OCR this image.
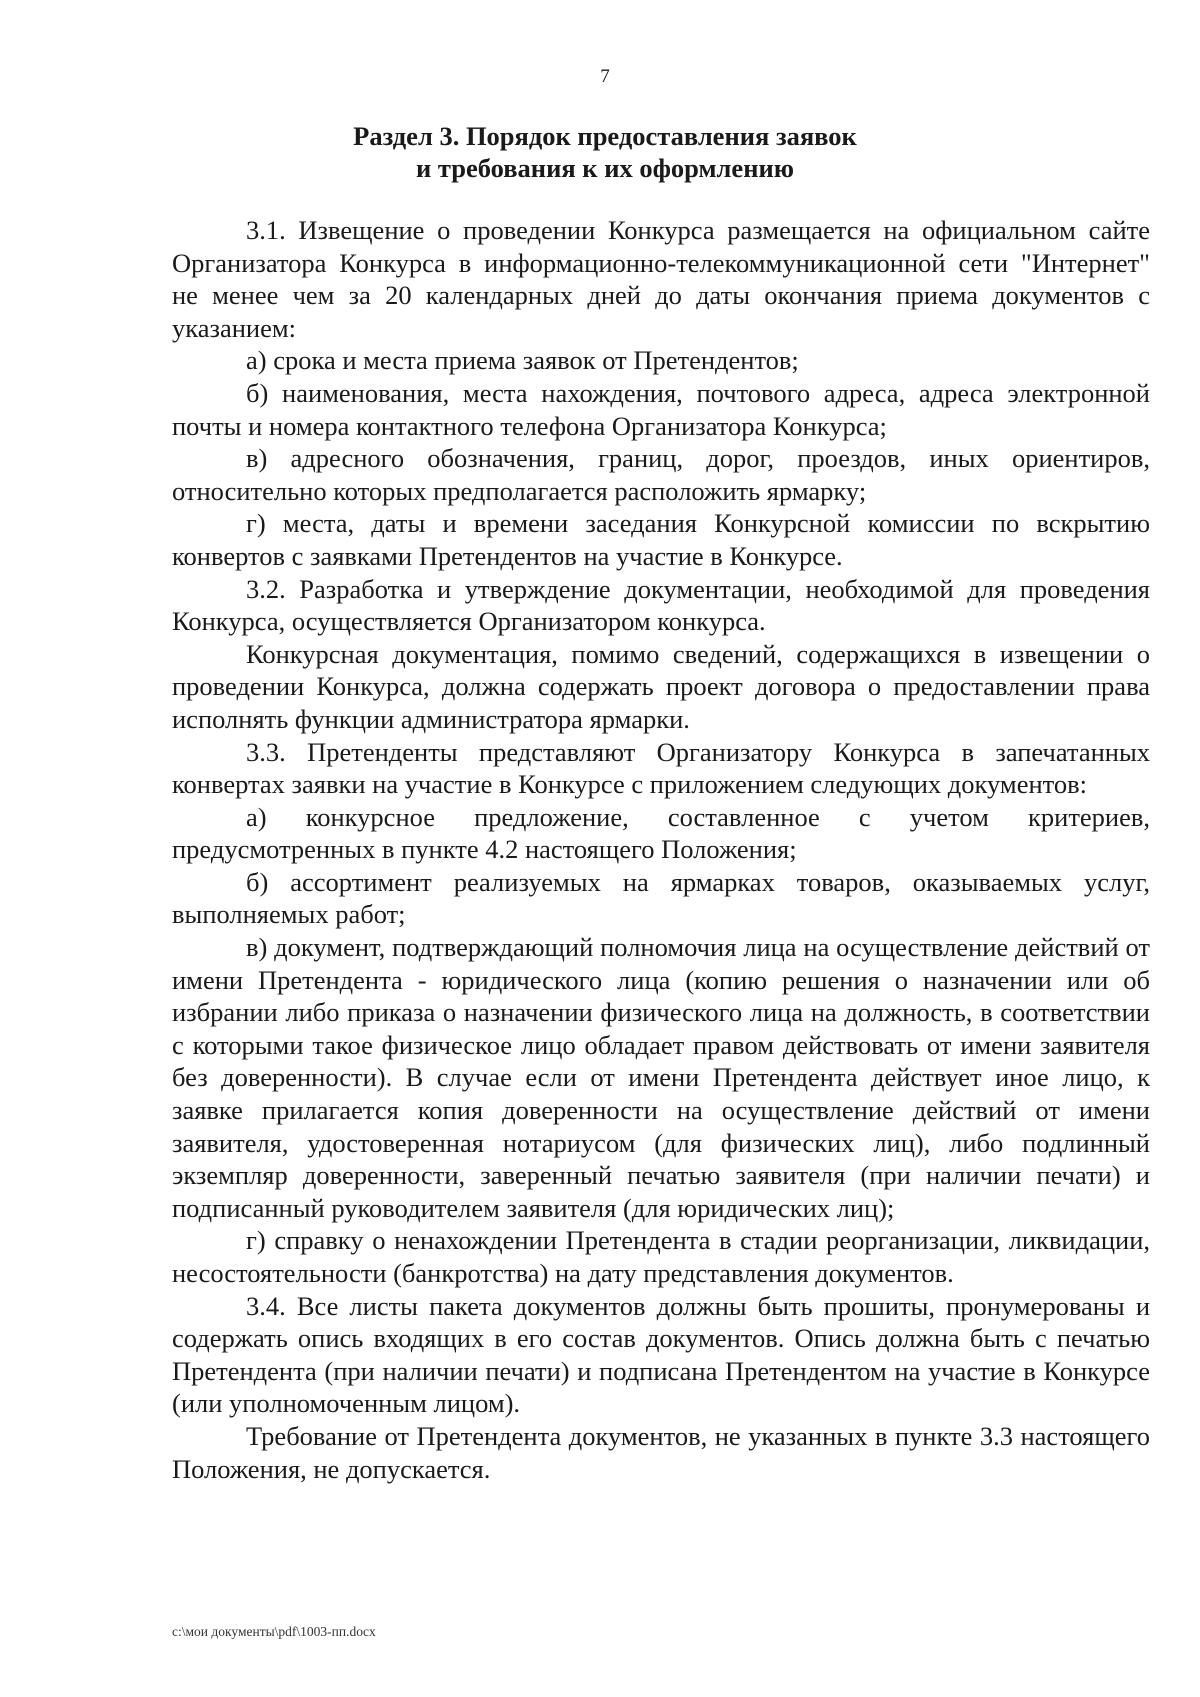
7
Раздел 3. Порядок предоставления заявок
и требования к их оформлению

3.1. Извещение о проведении Конкурса размещается на официальном сайте Организатора Конкурса в информационно-телекоммуникационной сети "Интернет" не менее чем за 20 календарных дней до даты окончания приема документов с указанием:

а) срока и места приема заявок от Претендентов;

б) наименования, места нахождения, почтового адреса, адреса электронной почты и номера контактного телефона Организатора Конкурса;

в) адресного обозначения, границ, дорог, проездов, иных ориентиров, относительно которых предполагается расположить ярмарку;

г) места, даты и времени заседания Конкурсной комиссии по вскрытию конвертов с заявками Претендентов на участие в Конкурсе.

3.2. Разработка и утверждение документации, необходимой для проведения Конкурса, осуществляется Организатором конкурса.

Конкурсная документация, помимо сведений, содержащихся в извещении о проведении Конкурса, должна содержать проект договора о предоставлении права исполнять функции администратора ярмарки.

3.3. Претенденты представляют Организатору Конкурса в запечатанных конвертах заявки на участие в Конкурсе с приложением следующих документов:

а) конкурсное предложение, составленное с учетом критериев, предусмотренных в пункте 4.2 настоящего Положения;

б) ассортимент реализуемых на ярмарках товаров, оказываемых услуг, выполняемых работ;

в) документ, подтверждающий полномочия лица на осуществление действий от имени Претендента - юридического лица (копию решения о назначении или об избрании либо приказа о назначении физического лица на должность, в соответствии с которыми такое физическое лицо обладает правом действовать от имени заявителя без доверенности). В случае если от имени Претендента действует иное лицо, к заявке прилагается копия доверенности на осуществление действий от имени заявителя, удостоверенная нотариусом (для физических лиц), либо подлинный экземпляр доверенности, заверенный печатью заявителя (при наличии печати) и подписанный руководителем заявителя (для юридических лиц);

г) справку о ненахождении Претендента в стадии реорганизации, ликвидации, несостоятельности (банкротства) на дату представления документов.

3.4. Все листы пакета документов должны быть прошиты, пронумерованы и содержать опись входящих в его состав документов. Опись должна быть с печатью Претендента (при наличии печати) и подписана Претендентом на участие в Конкурсе (или уполномоченным лицом).

Требование от Претендента документов, не указанных в пункте 3.3 настоящего Положения, не допускается.

c:\мои документы\pdf\1003-пп.docx
